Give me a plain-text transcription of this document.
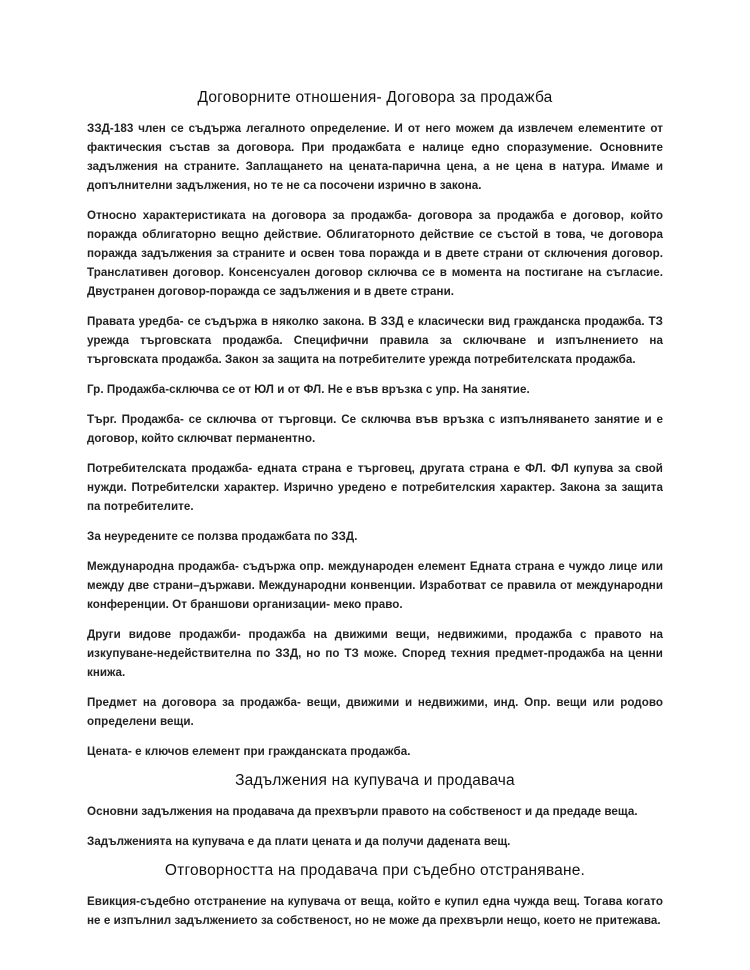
Договорните отношения- Договора за продажба
ЗЗД-183 член се съдържа легалното определение. И от него можем да извлечем елементите от фактическия състав за договора. При продажбата е налице едно споразумение. Основните задължения на страните. Заплащането на цената-парична цена, а не цена в натура. Имаме и допълнителни задължения, но те не са посочени изрично в закона.
Относно характеристиката на договора за продажба- договора за продажба е договор, който поражда облигаторно вещно действие. Облигаторното действие се състой в това, че договора поражда задължения за страните и освен това поражда и в двете страни от сключения договор. Транслативен договор. Консенсуален договор сключва се в момента на постигане на съгласие. Двустранен договор-поражда се задължения и в двете страни.
Правата уредба- се съдържа в няколко закона. В ЗЗД е класически вид гражданска продажба. ТЗ урежда търговската продажба. Специфични правила за сключване и изпълнението на търговската продажба. Закон за защита на потребителите урежда потребителската продажба.
Гр. Продажба-сключва се от ЮЛ и от ФЛ. Не е във връзка с упр. На занятие.
Търг. Продажба- се сключва от търговци. Се сключва във връзка с изпълняването занятие и е договор, който сключват перманентно.
Потребителската продажба- едната страна е търговец, другата страна е ФЛ. ФЛ купува за свой нужди. Потребителски характер. Изрично уредено е потребителския характер. Закона за защита па потребителите.
За неуредените се ползва продажбата по ЗЗД.
Международна продажба- съдържа опр. международен елемент Едната страна е чуждо лице или между две страни–държави. Международни конвенции. Изработват се правила от международни конференции. От браншови организации- меко право.
Други видове продажби- продажба на движими вещи, недвижими, продажба с правото на изкупуване-недействителна по ЗЗД, но по ТЗ може. Според техния предмет-продажба на ценни книжа.
Предмет на договора за продажба- вещи, движими и недвижими, инд. Опр. вещи или родово определени вещи.
Цената- е ключов елемент при гражданската продажба.
Задължения на купувача и продавача
Основни задължения на продавача да прехвърли правото на собственост и да предаде веща.
Задълженията на купувача е да плати цената и да получи дадената вещ.
Отговорността на продавача при съдебно отстраняване.
Евикция-съдебно отстранение на купувача от веща, който е купил една чужда вещ. Тогава когато не е изпълнил задължението за собственост, но не може да прехвърли нещо, което не притежава.
